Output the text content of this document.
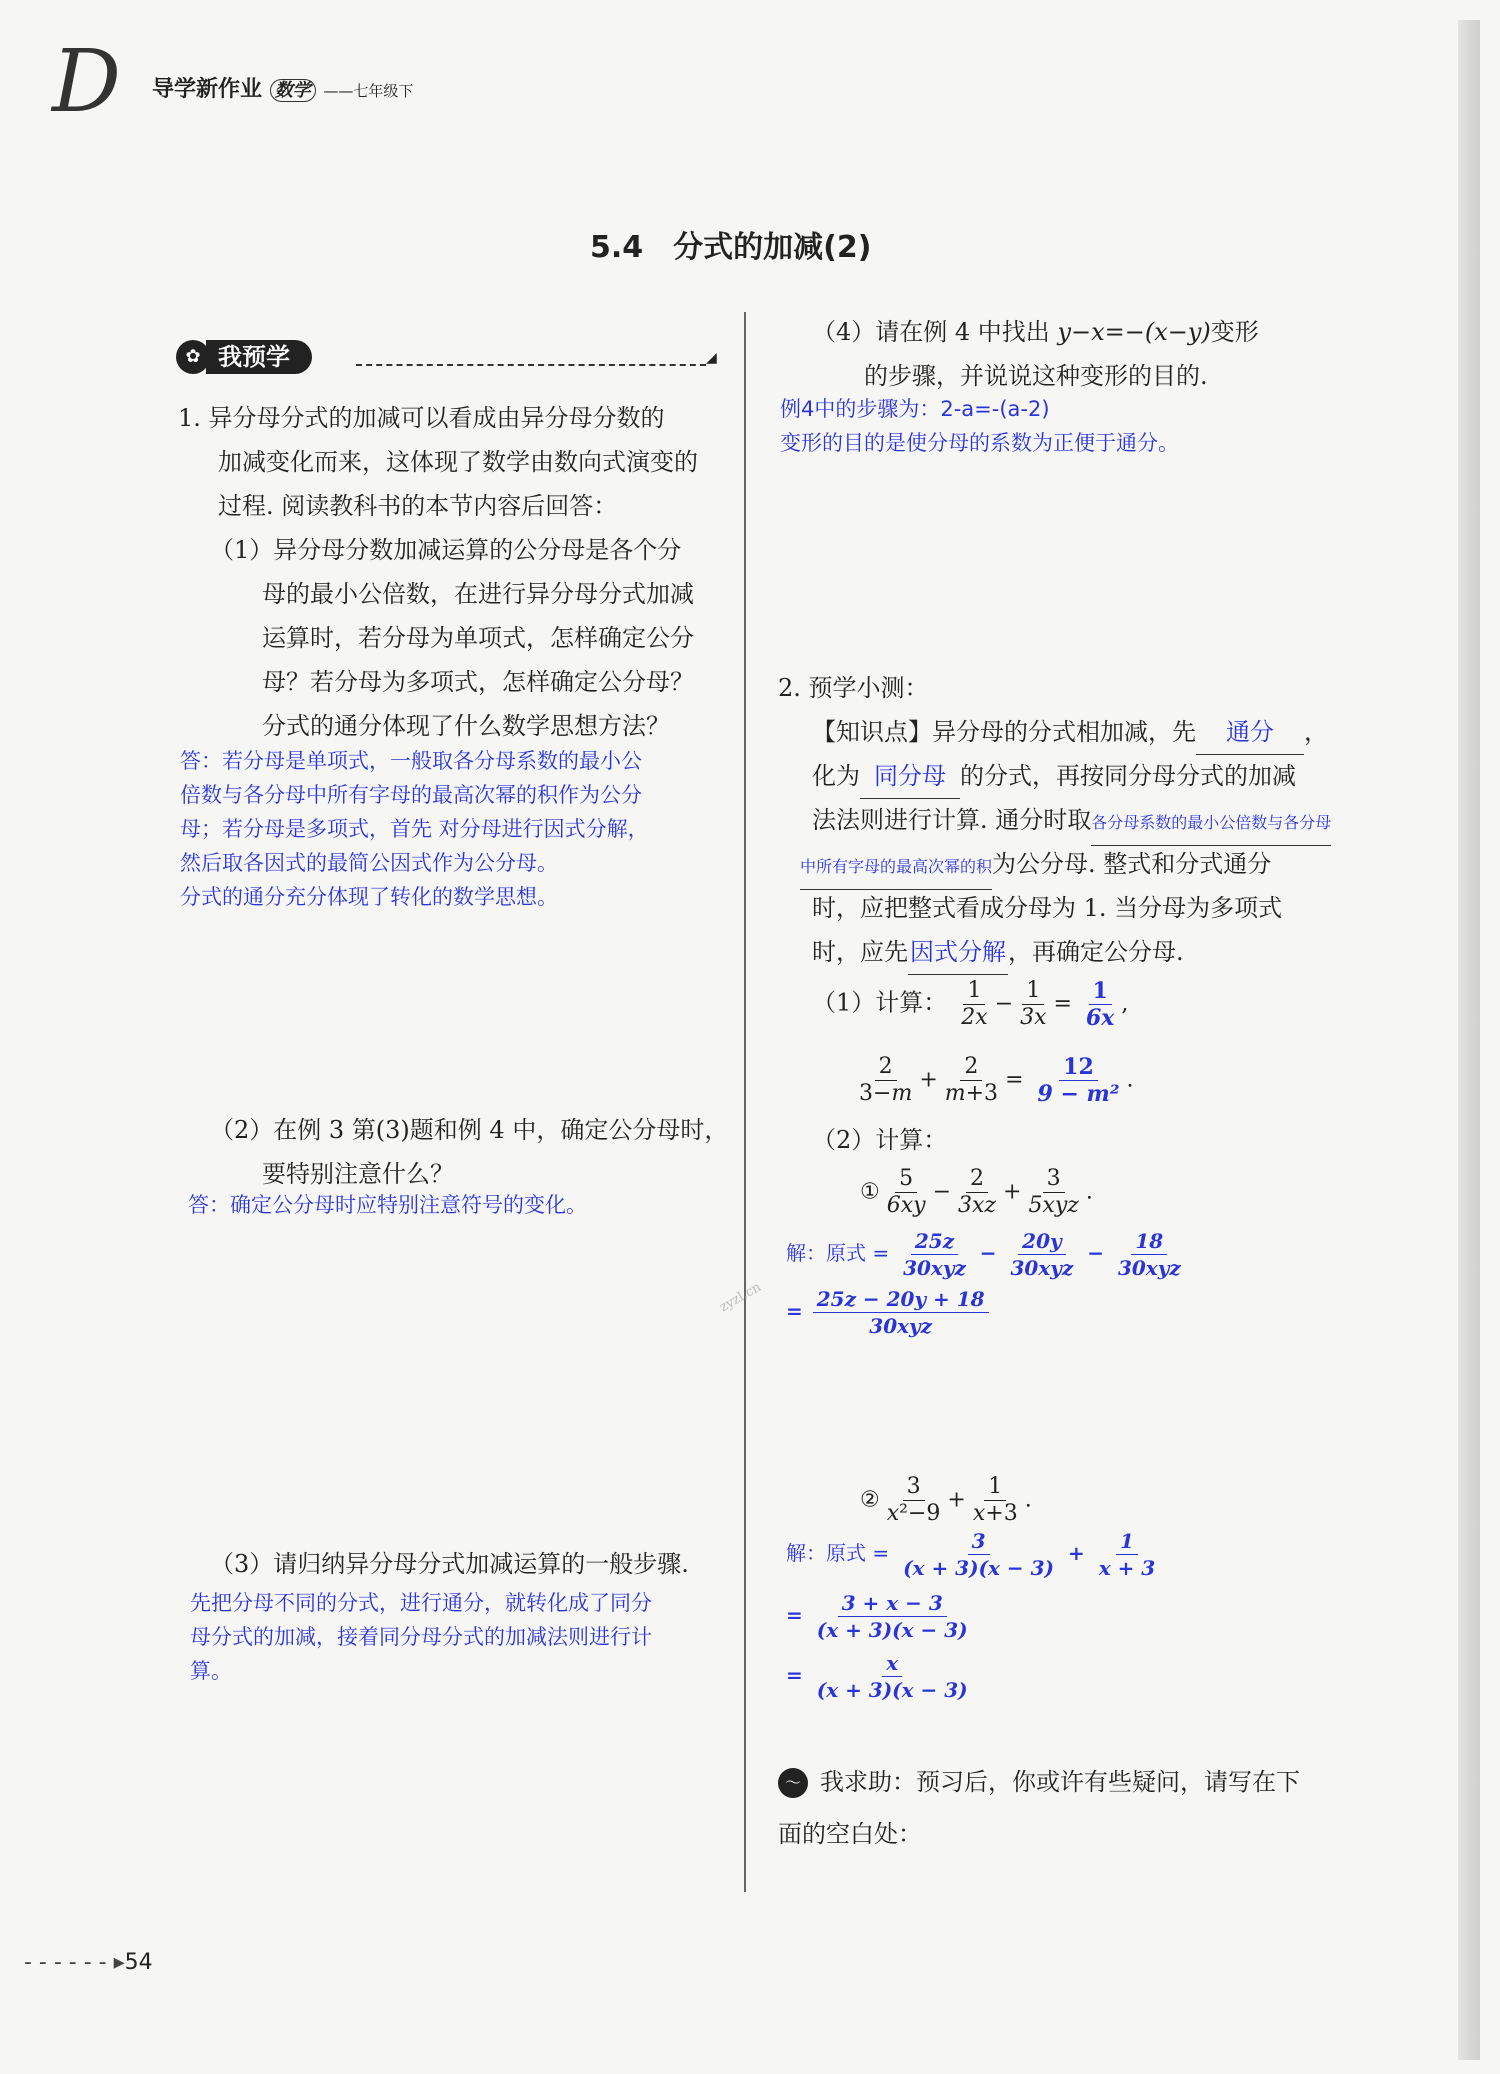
D 导学新作业 数学 ——七年级下
5.4　分式的加减(2)
✿ 我预学	◢
1. 异分母分式的加减可以看成由异分母分数的
加减变化而来，这体现了数学由数向式演变的
过程. 阅读教科书的本节内容后回答：
（1）异分母分数加减运算的公分母是各个分
母的最小公倍数，在进行异分母分式加减
运算时，若分母为单项式，怎样确定公分
母？若分母为多项式，怎样确定公分母？
分式的通分体现了什么数学思想方法？
答：若分母是单项式，一般取各分母系数的最小公
倍数与各分母中所有字母的最高次幂的积作为公分
母；若分母是多项式，首先 对分母进行因式分解，
然后取各因式的最简公因式作为公分母。
分式的通分充分体现了转化的数学思想。
（2）在例 3 第(3)题和例 4 中，确定公分母时，
要特别注意什么？
答：确定公分母时应特别注意符号的变化。
（3）请归纳异分母分式加减运算的一般步骤.
先把分母不同的分式，进行通分，就转化成了同分
母分式的加减，接着同分母分式的加减法则进行计
算。
（4）请在例 4 中找出 y−x=−(x−y)变形
的步骤，并说说这种变形的目的.
例4中的步骤为：2-a=-(a-2)
变形的目的是使分母的系数为正便于通分。
2. 预学小测：
【知识点】异分母的分式相加减，先 通分 ，
化为 同分母 的分式，再按同分母分式的加减
法法则进行计算. 通分时取各分母系数的最小公倍数与各分母
中所有字母的最高次幂的积为公分母. 整式和分式通分
时，应把整式看成分母为 1. 当分母为多项式
时，应先因式分解，再确定公分母.
（1）计算： $\frac{1}{2x} - \frac{1}{3x} = \frac{1}{6x}$ ,
$\frac{2}{3-m} + \frac{2}{m+3} = \frac{12}{\text{9 − m²}}$ .
（2）计算：
① $\frac{5}{6xy} - \frac{2}{3xz} + \frac{3}{\text{5xyz}}$ .
解：原式 = $\frac{25z}{\text{30xyz}} - \frac{20y}{\text{30xyz}} - \frac{18}{\text{30xyz}}$
= $\frac{25z - 20y + 18}{\text{30xyz}}$
② $\frac{3}{\text{x²−9}} + \frac{1}{x+3}$ .
解：原式 = $\frac{3}{(x + 3)(x - 3)} + \frac{1}{x + 3}$
= $\frac{3 + x - 3}{(x + 3)(x - 3)}$
= $\frac{x}{(x + 3)(x - 3)}$
〜 我求助：预习后，你或许有些疑问，请写在下
面的空白处：
zyzl.cn
- - - - - - ▸54
